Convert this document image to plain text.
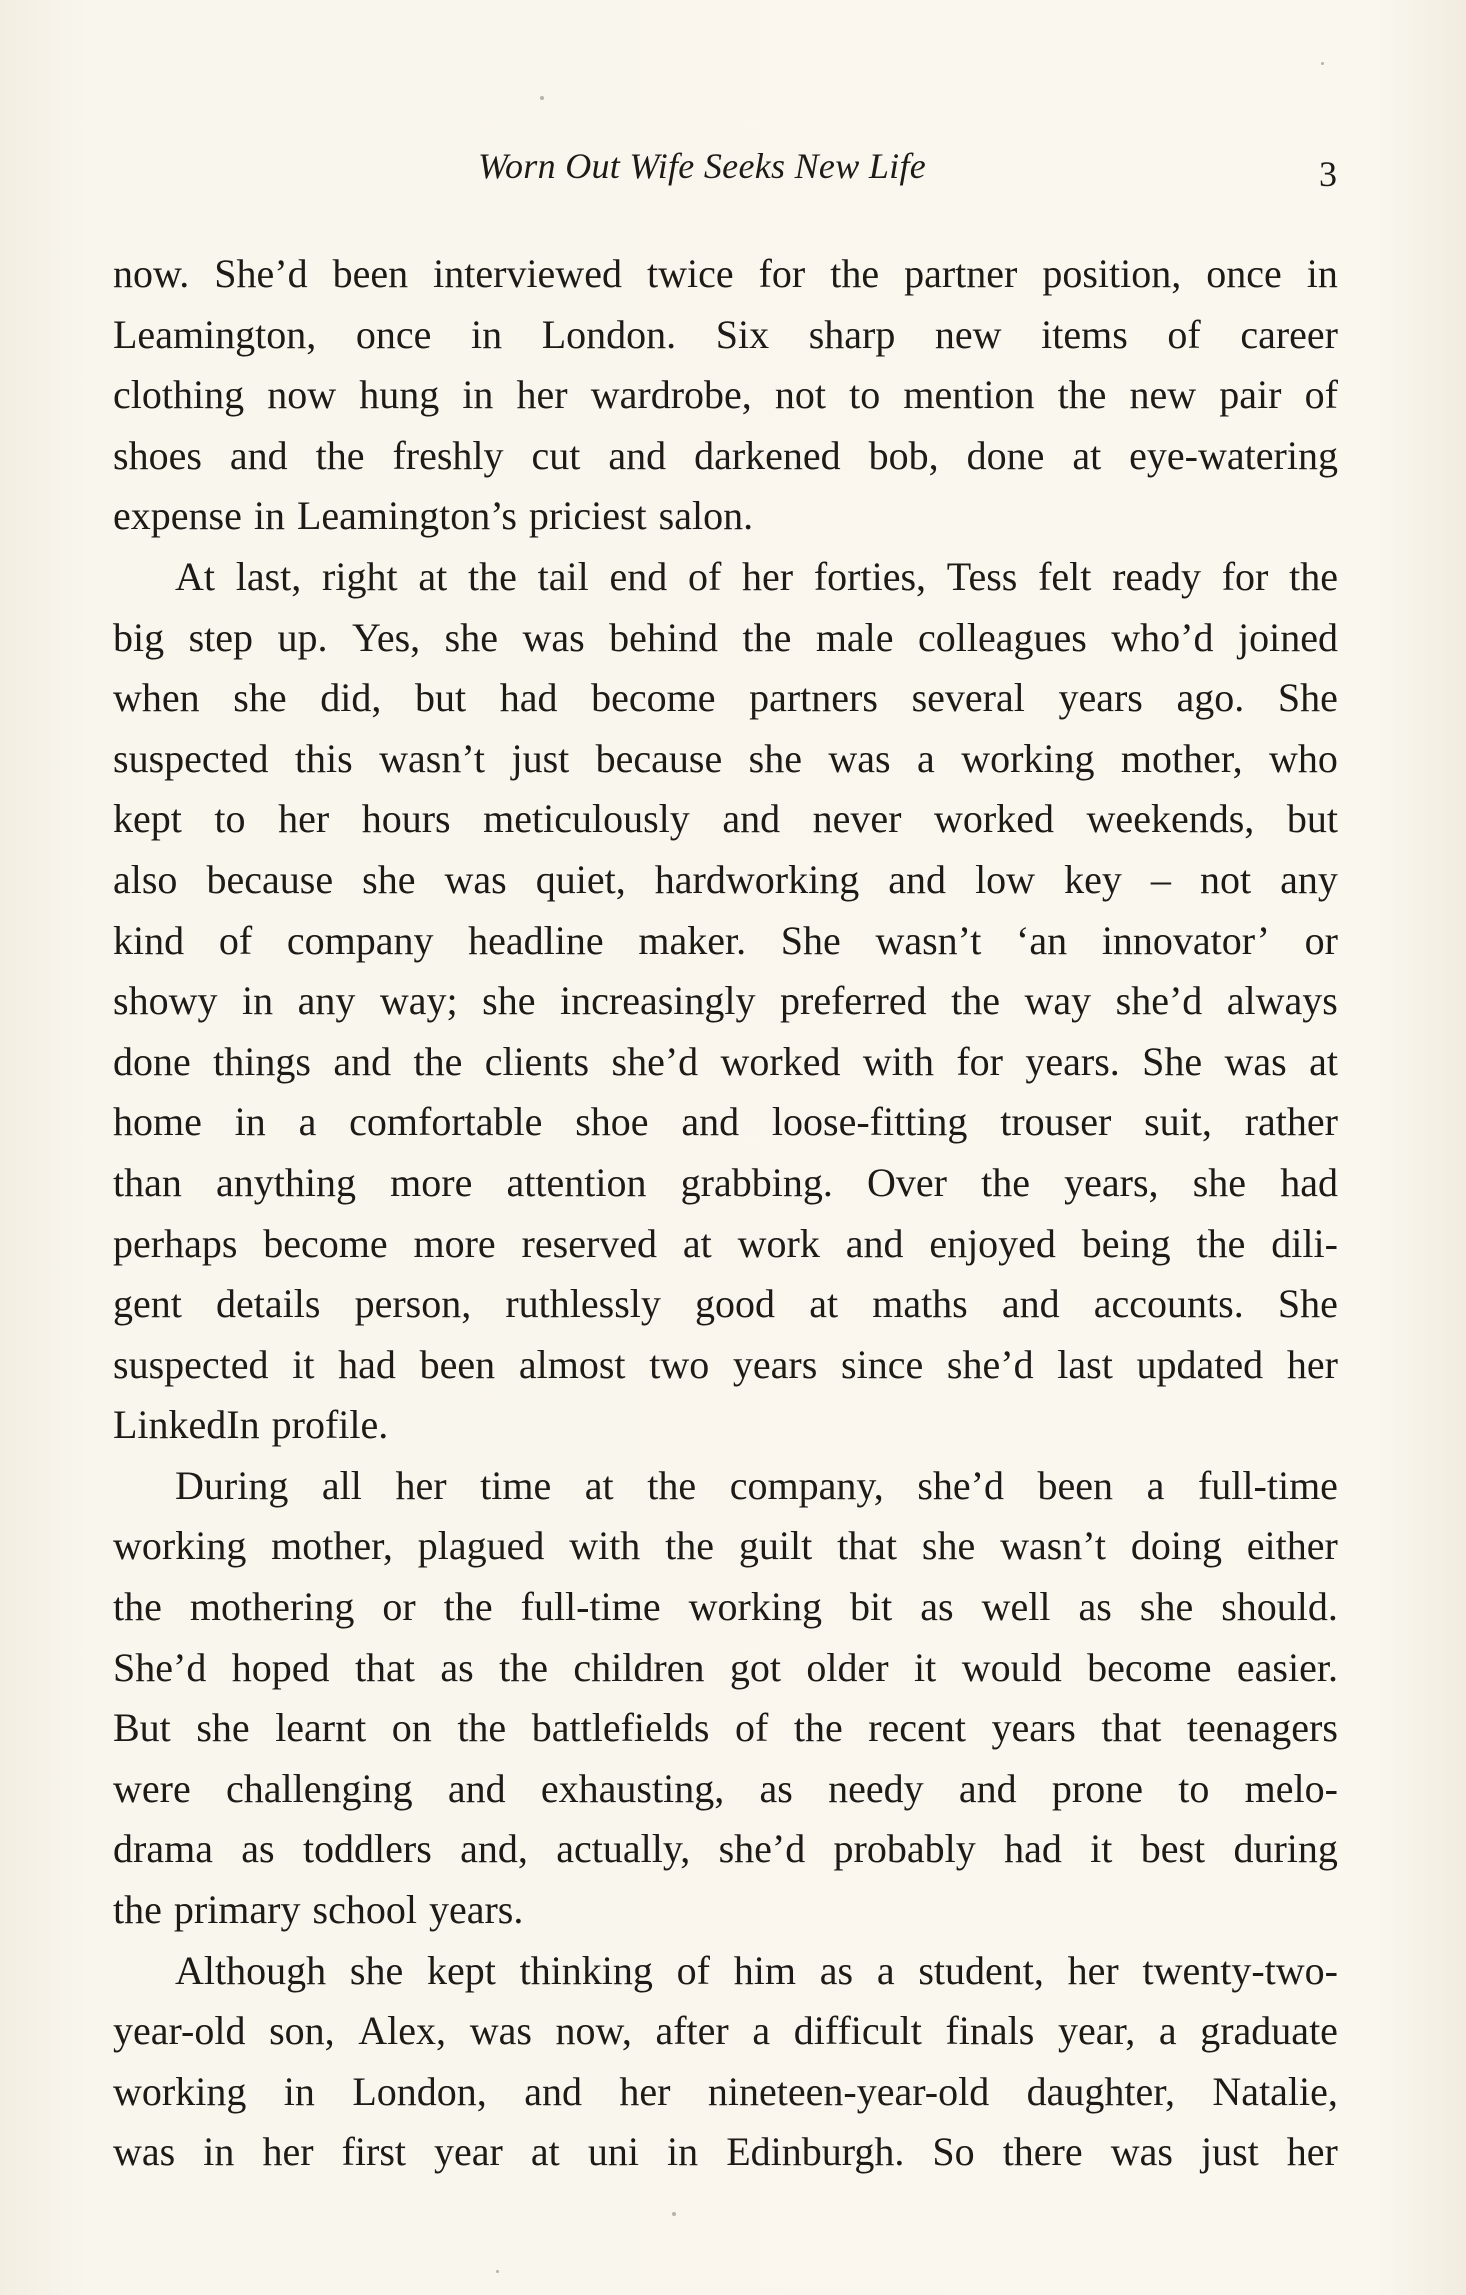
Worn Out Wife Seeks New Life	3
now. She’d been interviewed twice for the partner position, once in
Leamington, once in London. Six sharp new items of career
clothing now hung in her wardrobe, not to mention the new pair of
shoes and the freshly cut and darkened bob, done at eye-watering
expense in Leamington’s priciest salon.
At last, right at the tail end of her forties, Tess felt ready for the
big step up. Yes, she was behind the male colleagues who’d joined
when she did, but had become partners several years ago. She
suspected this wasn’t just because she was a working mother, who
kept to her hours meticulously and never worked weekends, but
also because she was quiet, hardworking and low key – not any
kind of company headline maker. She wasn’t ‘an innovator’ or
showy in any way; she increasingly preferred the way she’d always
done things and the clients she’d worked with for years. She was at
home in a comfortable shoe and loose-fitting trouser suit, rather
than anything more attention grabbing. Over the years, she had
perhaps become more reserved at work and enjoyed being the dili-
gent details person, ruthlessly good at maths and accounts. She
suspected it had been almost two years since she’d last updated her
LinkedIn profile.
During all her time at the company, she’d been a full-time
working mother, plagued with the guilt that she wasn’t doing either
the mothering or the full-time working bit as well as she should.
She’d hoped that as the children got older it would become easier.
But she learnt on the battlefields of the recent years that teenagers
were challenging and exhausting, as needy and prone to melo-
drama as toddlers and, actually, she’d probably had it best during
the primary school years.
Although she kept thinking of him as a student, her twenty-two-
year-old son, Alex, was now, after a difficult finals year, a graduate
working in London, and her nineteen-year-old daughter, Natalie,
was in her first year at uni in Edinburgh. So there was just her
